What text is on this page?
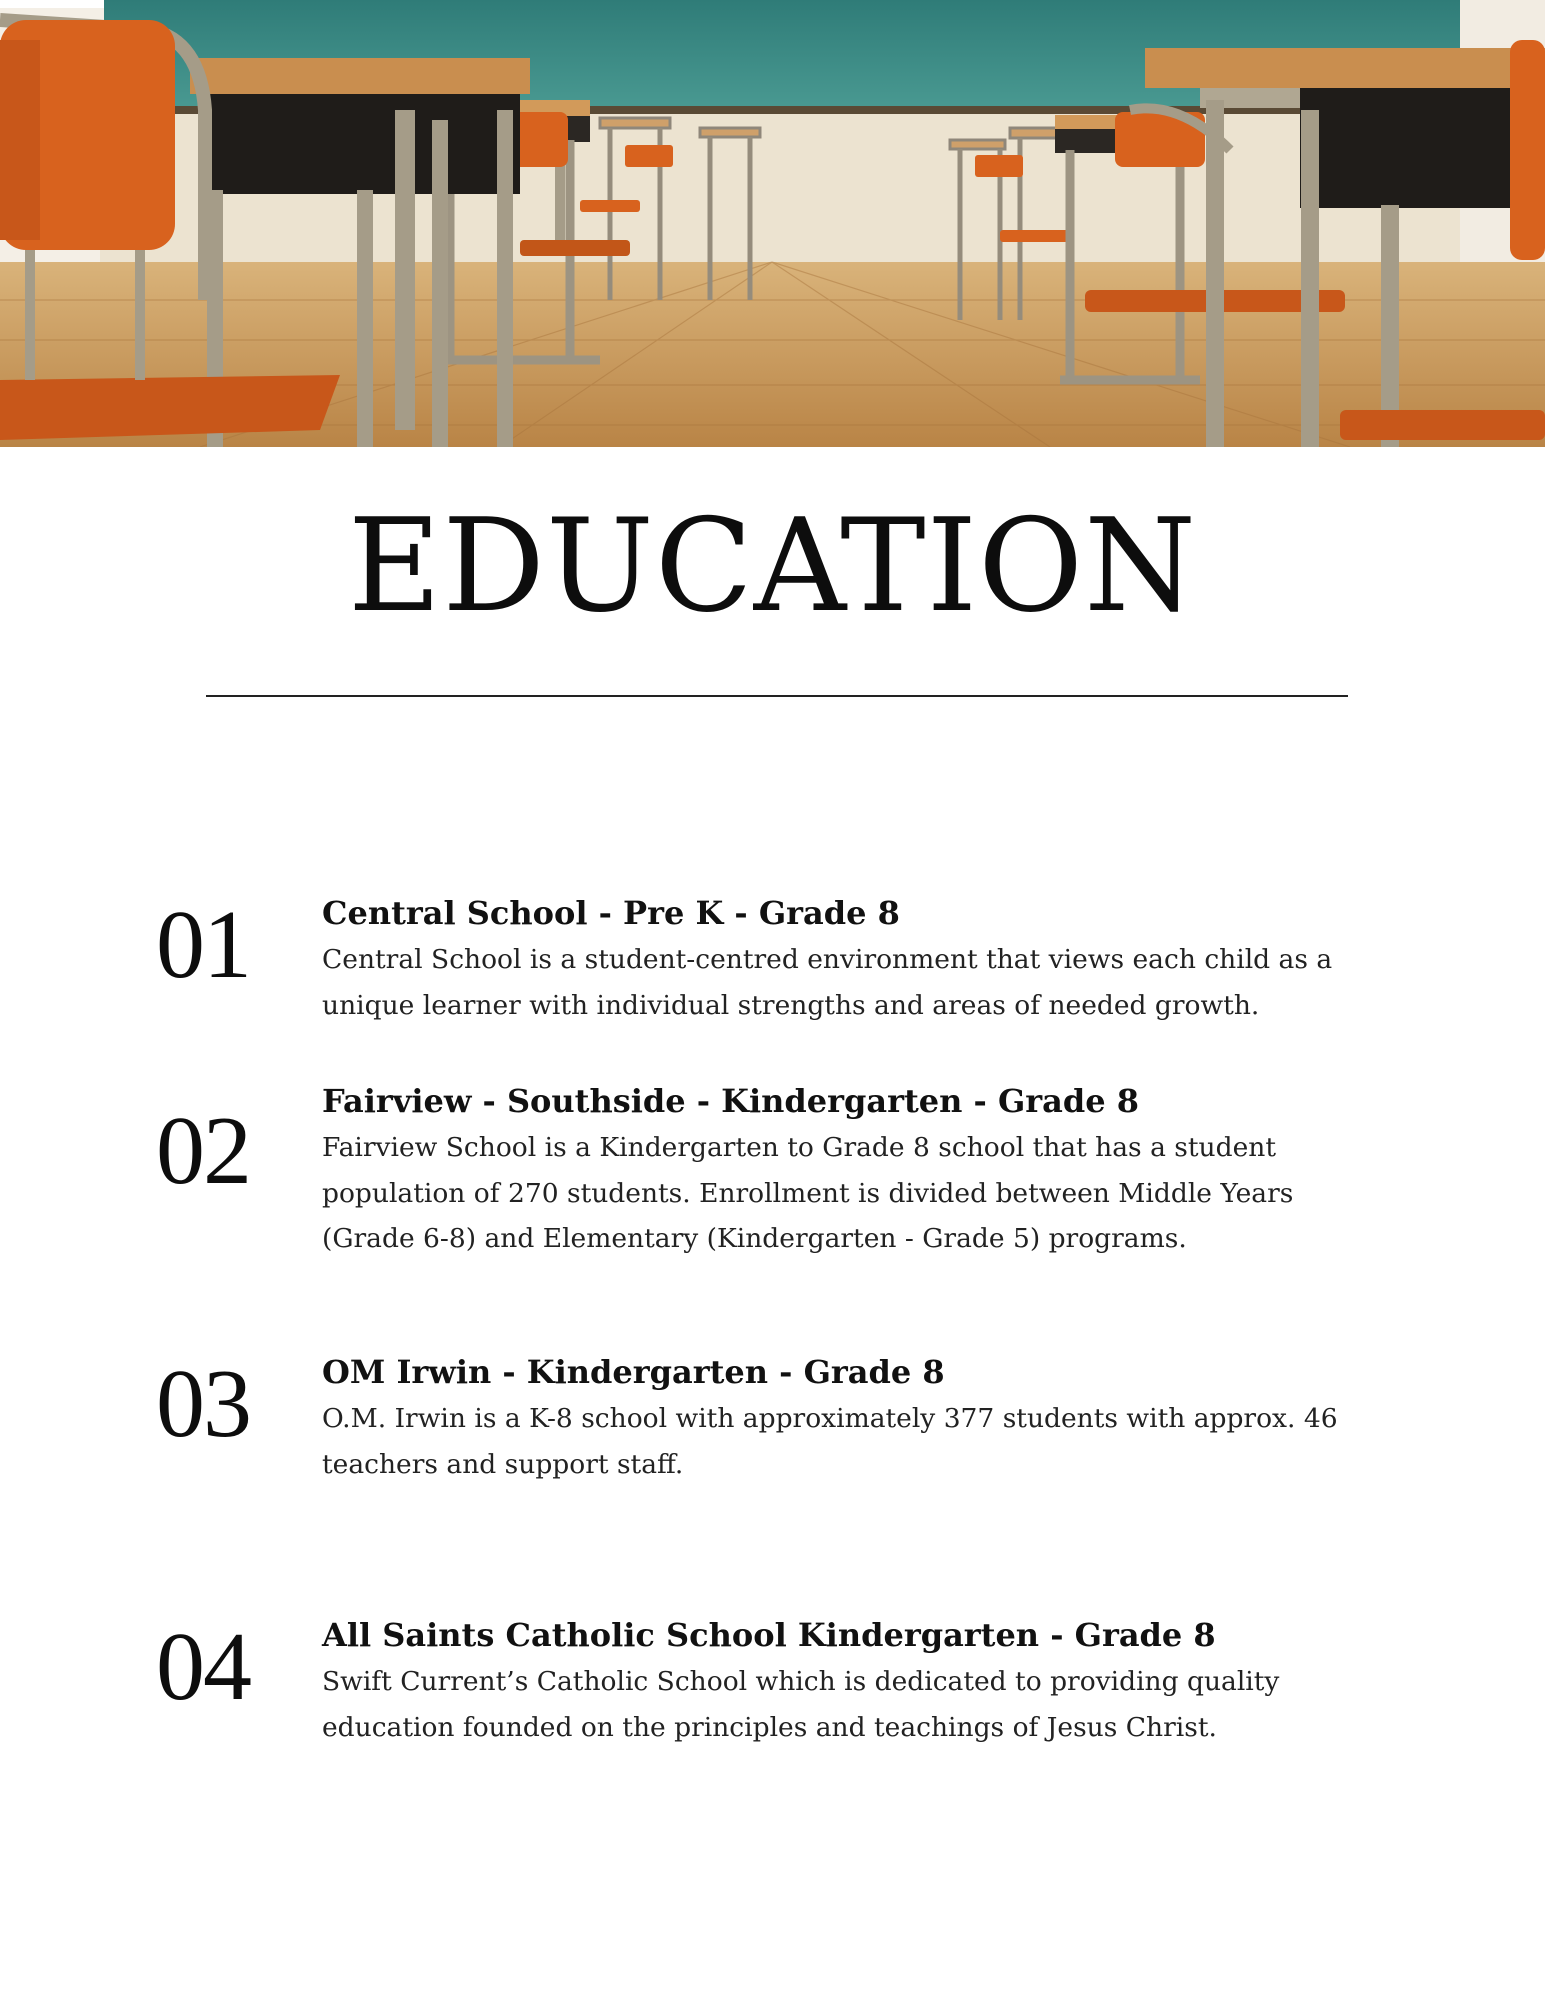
EDUCATION
01 Central School - Pre K - Grade 8

Central School is a student-centred environment that views each child as a unique learner with individual strengths and areas of needed growth.

02 Fairview - Southside - Kindergarten - Grade 8

Fairview School is a Kindergarten to Grade 8 school that has a student population of 270 students. Enrollment is divided between Middle Years (Grade 6-8) and Elementary (Kindergarten - Grade 5) programs.

03 OM Irwin - Kindergarten - Grade 8

O.M. Irwin is a K-8 school with approximately 377 students with approx. 46 teachers and support staff.

04 All Saints Catholic School Kindergarten - Grade 8

Swift Current’s Catholic School which is dedicated to providing quality education founded on the principles and teachings of Jesus Christ.
